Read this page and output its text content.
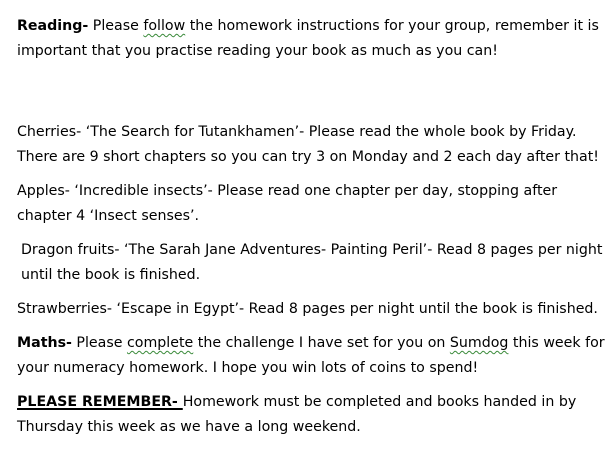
Reading- Please follow the homework instructions for your group, remember it is important that you practise reading your book as much as you can!

Cherries- ‘The Search for Tutankhamen’- Please read the whole book by Friday. There are 9 short chapters so you can try 3 on Monday and 2 each day after that!

Apples- ‘Incredible insects’- Please read one chapter per day, stopping after chapter 4 ‘Insect senses’.

Dragon fruits- ‘The Sarah Jane Adventures- Painting Peril’- Read 8 pages per night until the book is finished.

Strawberries- ‘Escape in Egypt’- Read 8 pages per night until the book is finished.

Maths- Please complete the challenge I have set for you on Sumdog this week for your numeracy homework. I hope you win lots of coins to spend!

PLEASE REMEMBER- Homework must be completed and books handed in by Thursday this week as we have a long weekend.
